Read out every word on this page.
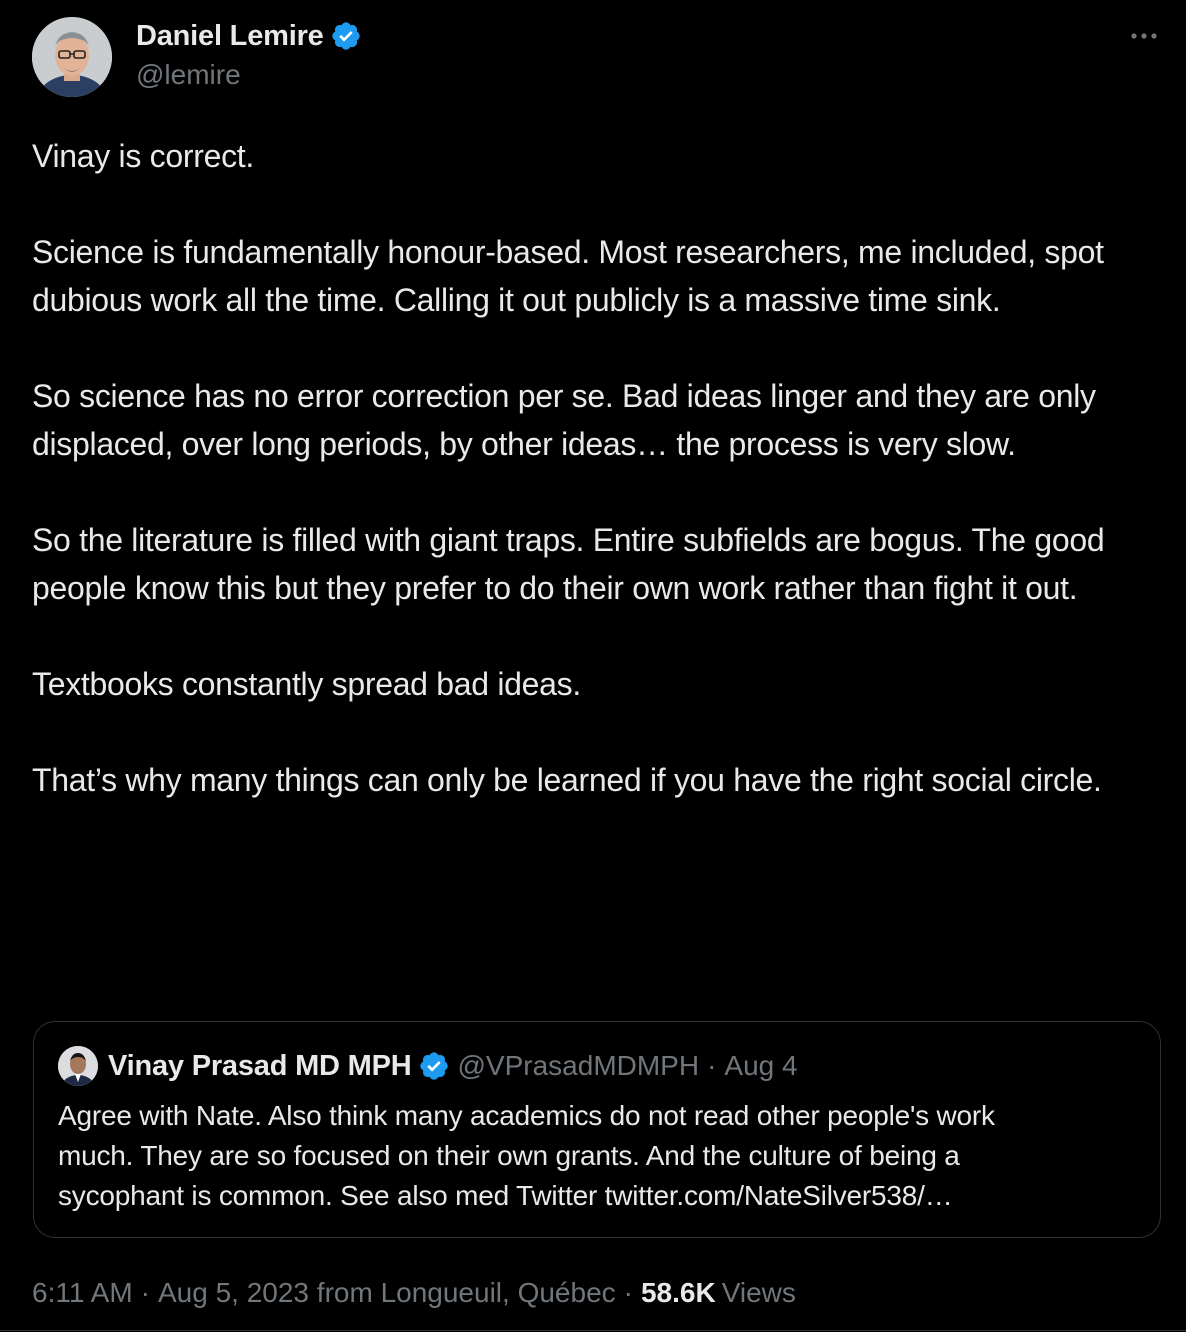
Daniel Lemire
@lemire

Vinay is correct.

Science is fundamentally honour-based. Most researchers, me included, spot dubious work all the time. Calling it out publicly is a massive time sink.

So science has no error correction per se. Bad ideas linger and they are only displaced, over long periods, by other ideas… the process is very slow.

So the literature is filled with giant traps. Entire subfields are bogus. The good people know this but they prefer to do their own work rather than fight it out.

Textbooks constantly spread bad ideas.

That’s why many things can only be learned if you have the right social circle.

Vinay Prasad MD MPH @VPrasadMDMPH · Aug 4
Agree with Nate. Also think many academics do not read other people's work
much. They are so focused on their own grants. And the culture of being a
sycophant is common. See also med Twitter twitter.com/NateSilver538/…
6:11 AM · Aug 5, 2023 from Longueuil, Québec · 58.6K Views
